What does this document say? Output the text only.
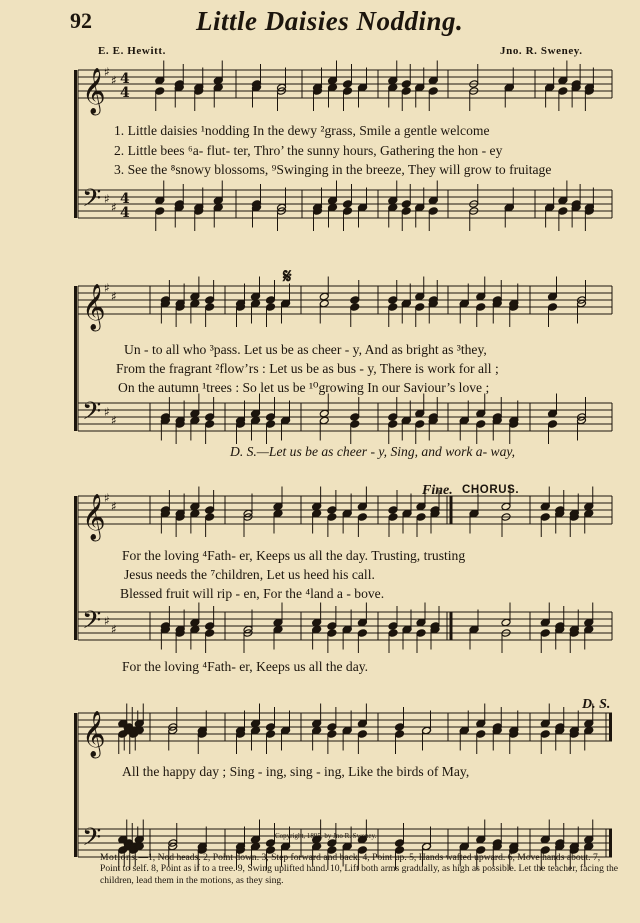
𝄞
𝄢
♯
♯
♯
♯
4
4
4
4
𝄞
𝄢
♯
♯
♯
♯
𝄞
𝄢
♯
♯
♯
♯
𝄞
𝄢
92	Little Daisies Nodding.
E. E. Hewitt.	Jno. R. Sweney.
1. Little daisies ¹nodding In the dewy ²grass, Smile a gentle welcome
2. Little bees ⁶a- flut- ter, Thro’ the sunny hours, Gathering the hon - ey
3. See the ⁸snowy blossoms, ⁹Swinging in the breeze, They will grow to fruitage
𝄋
Un - to all who ³pass. Let us be as cheer - y, And as bright as ³they,
From the fragrant ²flow’rs : Let us be as bus - y, There is work for all ;
On the autumn ¹trees : So let us be ¹⁰growing In our Saviour’s love ;
D. S.—Let us be as cheer - y, Sing, and work a- way,
Fine. CHORUS.
For the loving ⁴Fath- er, Keeps us all the day. Trusting, trusting
Jesus needs the ⁷children, Let us heed his call.
Blessed fruit will rip - en, For the ⁴land a - bove.
For the loving ⁴Fath- er, Keeps us all the day.
D. S.
All the happy day ; Sing - ing, sing - ing, Like the birds of May,
Copyright, 1895, by Jno R. Sweney.
Motions.—1, Nod heads. 2, Point down. 3, Step forward and back. 4, Point up. 5, Hands wafted upward. 6, Move hands about. 7, Point to self. 8, Point as if to a tree. 9, Swing uplifted hand. 10, Lift both arms gradually, as high as possible. Let the teacher, facing the children, lead them in the motions, as they sing.
